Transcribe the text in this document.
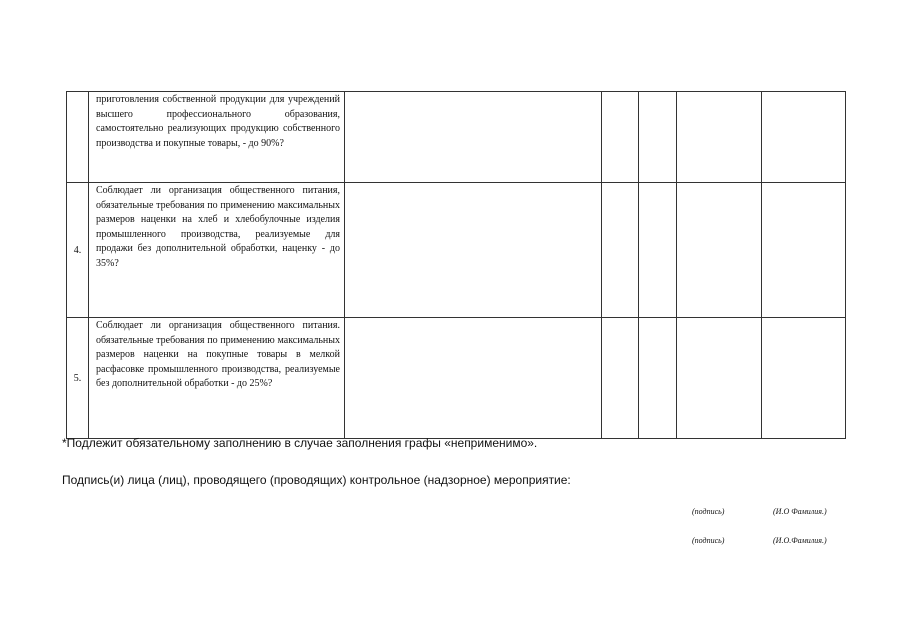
	приготовления собственной продукции для учреждений высшего профессионального образования, самостоятельно реализующих продукцию собственного производства и покупные товары, - до 90%?					
4.	Соблюдает ли организация общественного питания, обязательные требования по применению максимальных размеров наценки на хлеб и хлебобулочные изделия промышленного производства, реализуемые для продажи без дополнительной обработки, наценку - до 35%?					
5.	Соблюдает ли организация общественного питания. обязательные требования по применению максимальных размеров наценки на покупные товары в мелкой расфасовке промышленного производства, реализуемые без дополнительной обработки - до 25%?					
*Подлежит обязательному заполнению в случае заполнения графы «неприменимо».
Подпись(и) лица (лиц), проводящего (проводящих) контрольное (надзорное) мероприятие:
(подпись)	(И.О Фамилия.)
(подпись)	(И.О.Фамилия.)
